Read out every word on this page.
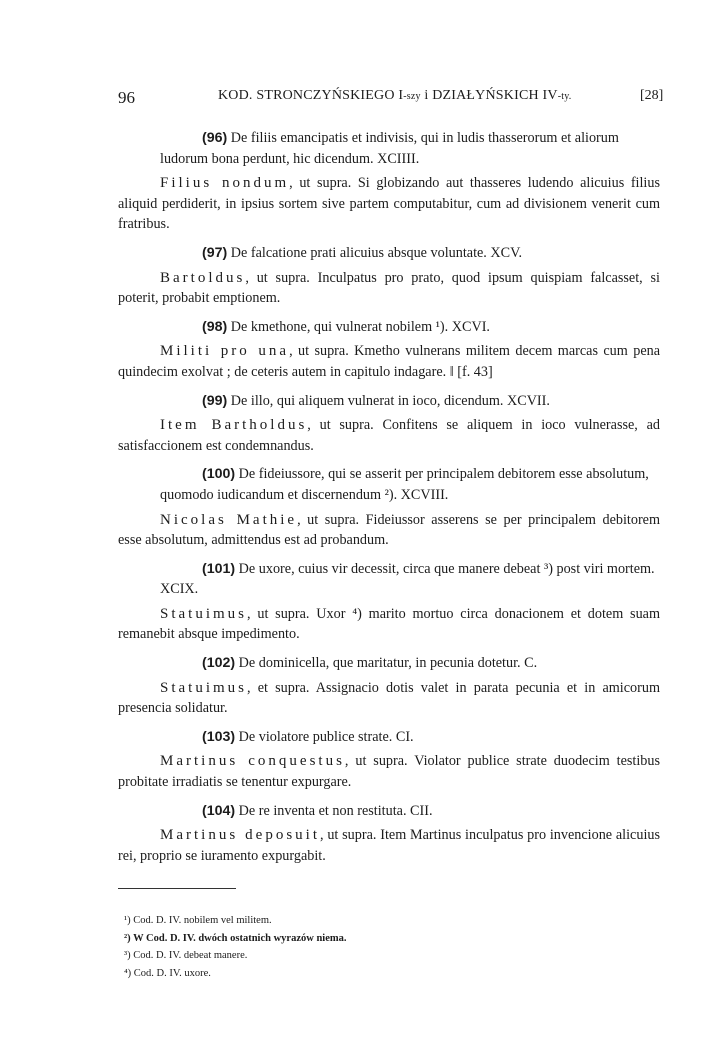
96	KOD. STRONCZYŃSKIEGO I-szy i DZIAŁYŃSKICH IV-ty.	[28]

(96) De filiis emancipatis et indivisis, qui in ludis thasserorum et aliorum ludorum bona perdunt, hic dicendum. XCIIII.

Filius nondum, ut supra. Si globizando aut thasseres ludendo alicuius filius aliquid perdiderit, in ipsius sortem sive partem computabitur, cum ad divisionem venerit cum fratribus.

(97) De falcatione prati alicuius absque voluntate. XCV.

Bartoldus, ut supra. Inculpatus pro prato, quod ipsum quispiam falcasset, si poterit, probabit emptionem.

(98) De kmethone, qui vulnerat nobilem ¹). XCVI.

Militi pro una, ut supra. Kmetho vulnerans militem decem marcas cum pena quindecim exolvat ; de ceteris autem in capitulo indagare. ‖ [f. 43]

(99) De illo, qui aliquem vulnerat in ioco, dicendum. XCVII.

Item Bartholdus, ut supra. Confitens se aliquem in ioco vulnerasse, ad satisfaccionem est condemnandus.

(100) De fideiussore, qui se asserit per principalem debitorem esse absolutum, quomodo iudicandum et discernendum ²). XCVIII.

Nicolas Mathie, ut supra. Fideiussor asserens se per principalem debitorem esse absolutum, admittendus est ad probandum.

(101) De uxore, cuius vir decessit, circa que manere debeat ³) post viri mortem. XCIX.

Statuimus, ut supra. Uxor ⁴) marito mortuo circa donacionem et dotem suam remanebit absque impedimento.

(102) De dominicella, que maritatur, in pecunia dotetur. C.

Statuimus, et supra. Assignacio dotis valet in parata pecunia et in amicorum presencia solidatur.

(103) De violatore publice strate. CI.

Martinus conquestus, ut supra. Violator publice strate duodecim testibus probitate irradiatis se tenentur expurgare.

(104) De re inventa et non restituta. CII.

Martinus deposuit, ut supra. Item Martinus inculpatus pro invencione alicuius rei, proprio se iuramento expurgabit.

¹) Cod. D. IV. nobilem vel militem.
²) W Cod. D. IV. dwóch ostatnich wyrazów niema.
³) Cod. D. IV. debeat manere.
⁴) Cod. D. IV. uxore.
